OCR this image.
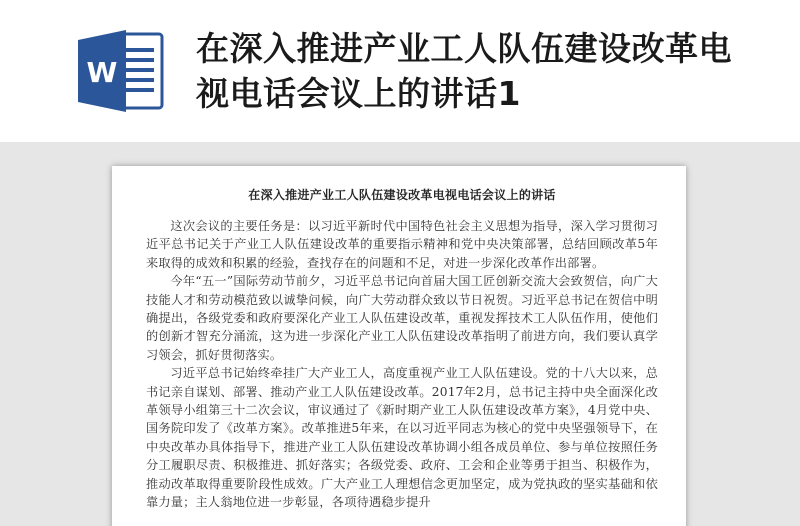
W
在深入推进产业工人队伍建设改革电视电话会议上的讲话1
在深入推进产业工人队伍建设改革电视电话会议上的讲话

这次会议的主要任务是：以习近平新时代中国特色社会主义思想为指导，深入学习贯彻习近平总书记关于产业工人队伍建设改革的重要指示精神和党中央决策部署，总结回顾改革5年来取得的成效和积累的经验，查找存在的问题和不足，对进一步深化改革作出部署。

今年“五一”国际劳动节前夕，习近平总书记向首届大国工匠创新交流大会致贺信，向广大技能人才和劳动模范致以诚挚问候，向广大劳动群众致以节日祝贺。习近平总书记在贺信中明确提出，各级党委和政府要深化产业工人队伍建设改革，重视发挥技术工人队伍作用，使他们的创新才智充分涌流，这为进一步深化产业工人队伍建设改革指明了前进方向，我们要认真学习领会，抓好贯彻落实。

习近平总书记始终牵挂广大产业工人，高度重视产业工人队伍建设。党的十八大以来，总书记亲自谋划、部署、推动产业工人队伍建设改革。2017年2月，总书记主持中央全面深化改革领导小组第三十二次会议，审议通过了《新时期产业工人队伍建设改革方案》，4月党中央、国务院印发了《改革方案》。改革推进5年来，在以习近平同志为核心的党中央坚强领导下，在中央改革办具体指导下，推进产业工人队伍建设改革协调小组各成员单位、参与单位按照任务分工履职尽责、积极推进、抓好落实；各级党委、政府、工会和企业等勇于担当、积极作为，推动改革取得重要阶段性成效。广大产业工人理想信念更加坚定，成为党执政的坚实基础和依靠力量；主人翁地位进一步彰显，各项待遇稳步提升
